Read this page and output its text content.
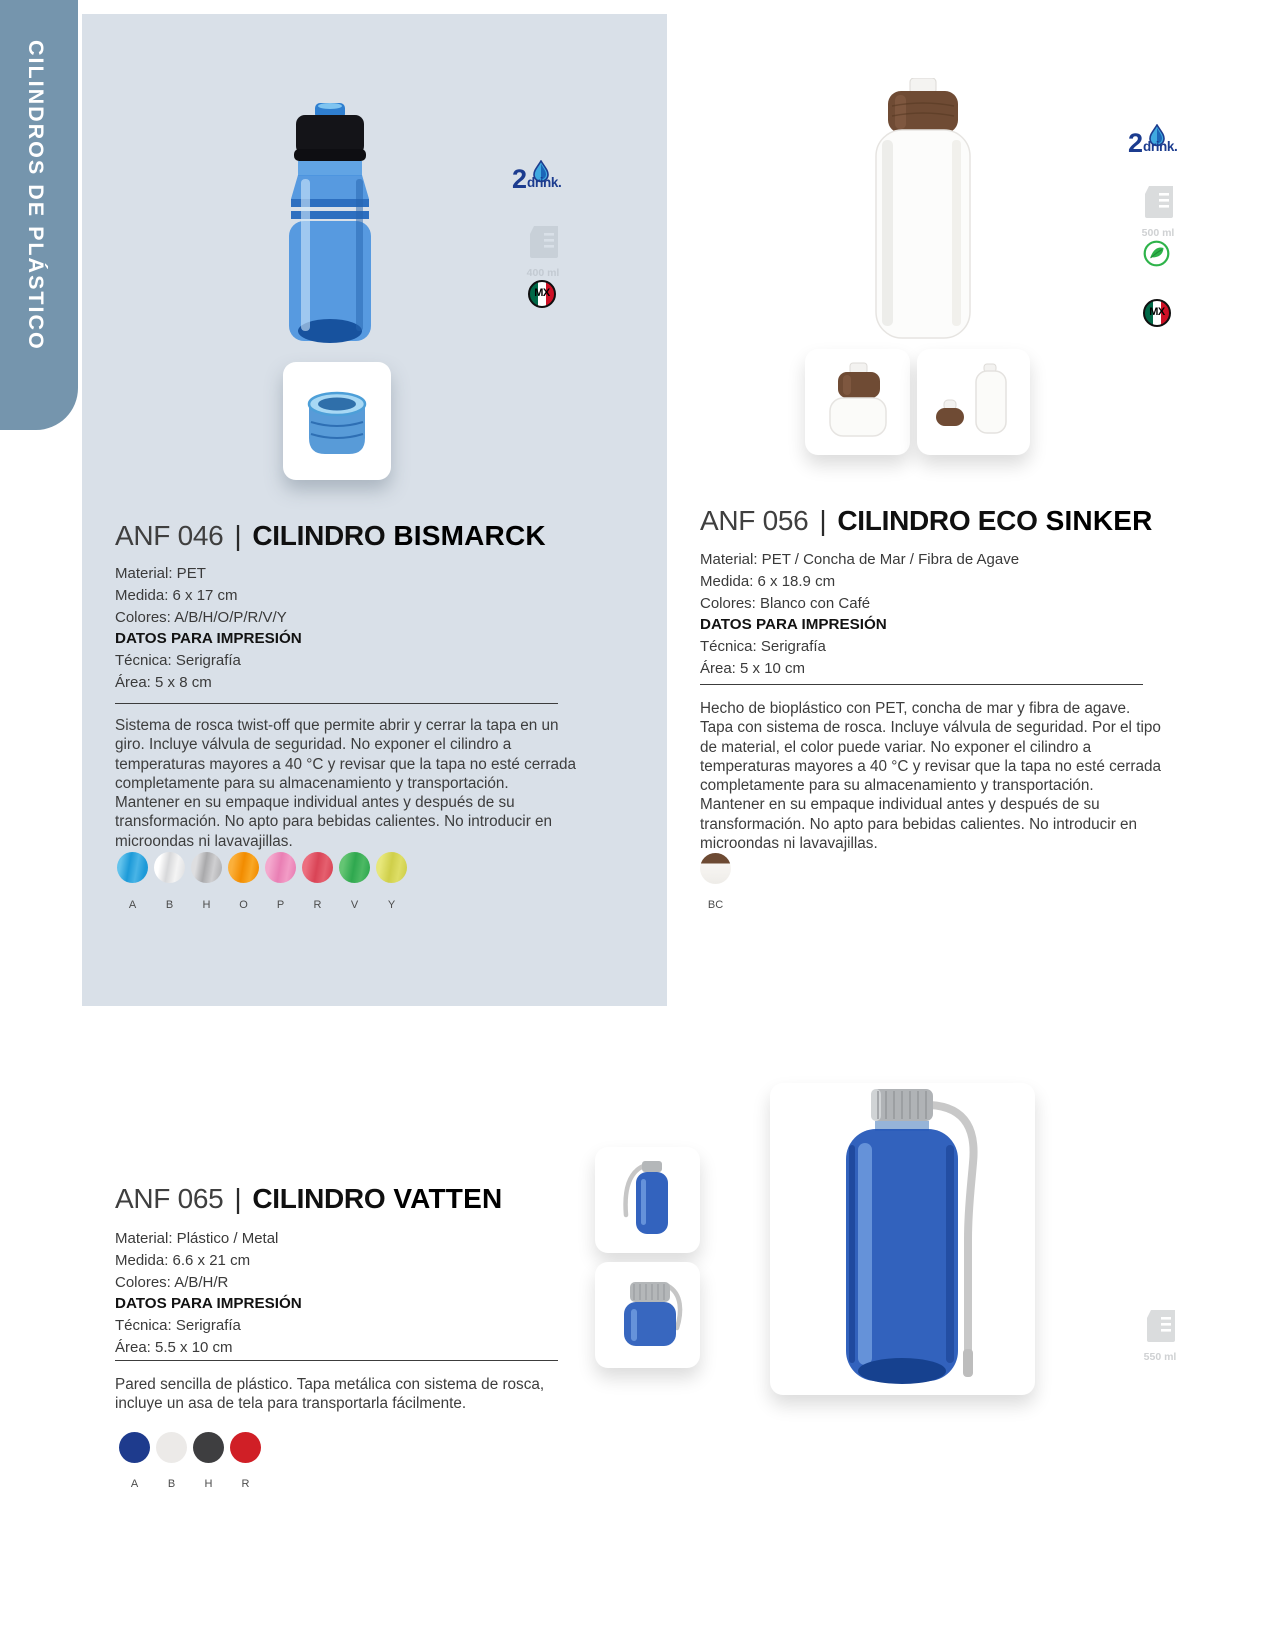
CILINDROS DE PLÁSTICO	2 drink.
400 ml
MX
ANF 046 | CILINDRO BISMARCK
Material: PET
Medida: 6 x 17 cm
Colores: A/B/H/O/P/R/V/Y
DATOS PARA IMPRESIÓN
Técnica: Serigrafía
Área: 5 x 8 cm
Sistema de rosca twist-off que permite abrir y cerrar la tapa en un giro. Incluye válvula de seguridad. No exponer el cilindro a temperaturas mayores a 40 °C y revisar que la tapa no esté cerrada completamente para su almacenamiento y transportación. Mantener en su empaque individual antes y después de su transformación. No apto para bebidas calientes. No introducir en microondas ni lavavajillas.
A	B	H	O	P	R	V	Y
2 drink.
500 ml
MX
ANF 056 | CILINDRO ECO SINKER
Material: PET / Concha de Mar / Fibra de Agave
Medida: 6 x 18.9 cm
Colores: Blanco con Café
DATOS PARA IMPRESIÓN
Técnica: Serigrafía
Área: 5 x 10 cm
Hecho de bioplástico con PET, concha de mar y fibra de agave. Tapa con sistema de rosca. Incluye válvula de seguridad. Por el tipo de material, el color puede variar. No exponer el cilindro a temperaturas mayores a 40 °C y revisar que la tapa no esté cerrada completamente para su almacenamiento y transportación. Mantener en su empaque individual antes y después de su transformación. No apto para bebidas calientes. No introducir en microondas ni lavavajillas.
BC
ANF 065 | CILINDRO VATTEN
Material: Plástico / Metal
Medida: 6.6 x 21 cm
Colores: A/B/H/R
DATOS PARA IMPRESIÓN
Técnica: Serigrafía
Área: 5.5 x 10 cm
Pared sencilla de plástico. Tapa metálica con sistema de rosca, incluye un asa de tela para transportarla fácilmente.
A	B	H	R
550 ml
